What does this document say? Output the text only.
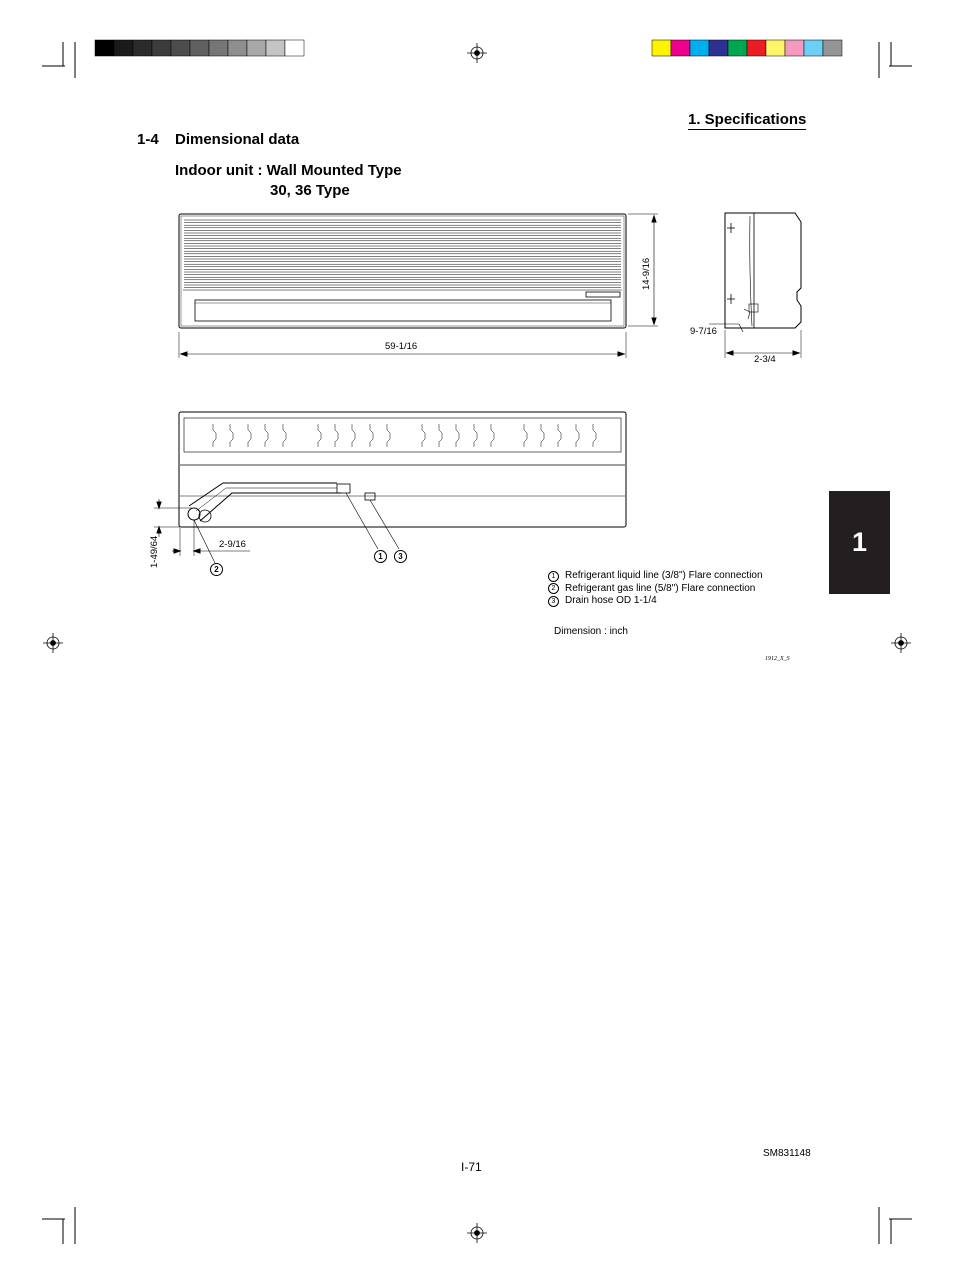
1. Specifications
1-4 Dimensional data
Indoor unit : Wall Mounted Type
30, 36 Type
59-1/16
14-9/16
9-7/16
2-3/4
2-9/16
1-49/64	1
2
3
1 Refrigerant liquid line (3/8") Flare connection
2 Refrigerant gas line (5/8") Flare connection
3 Drain hose OD 1-1/4
Dimension : inch
1912_X_S
1
I-71
SM831148
